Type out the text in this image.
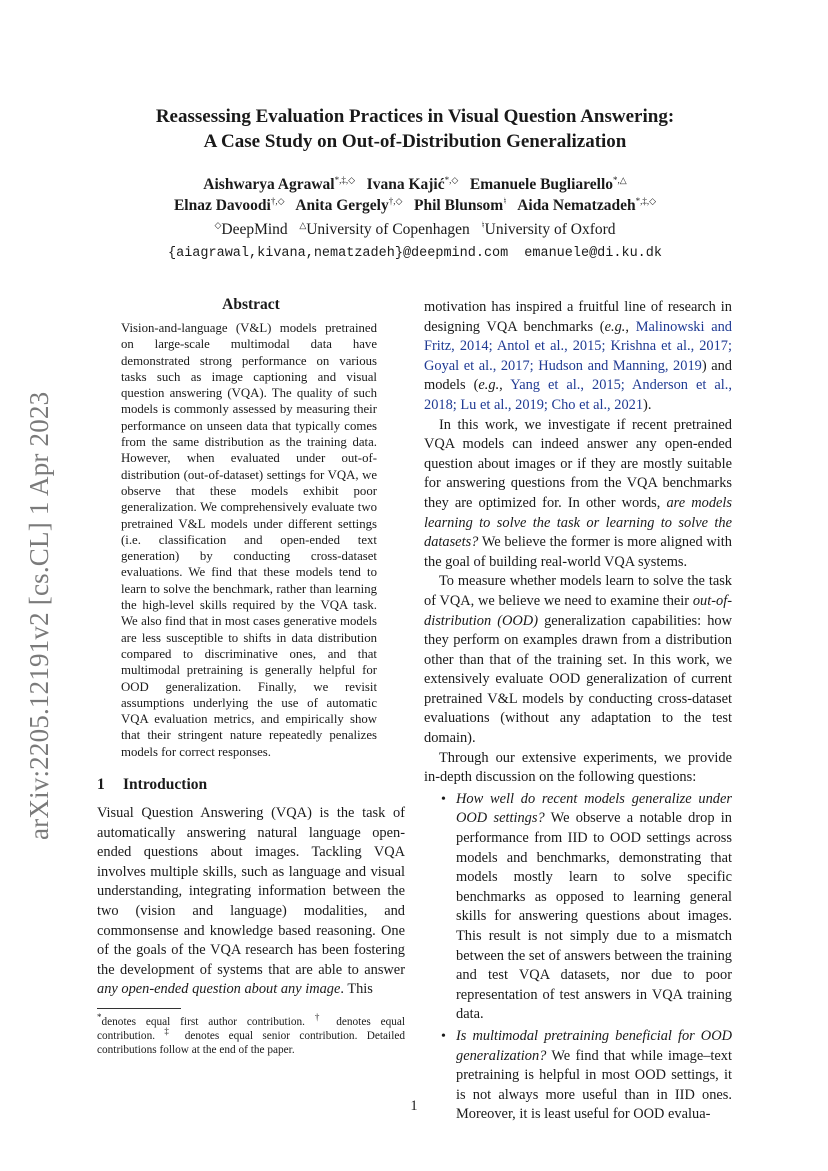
arXiv:2205.12191v2 [cs.CL] 1 Apr 2023
Reassessing Evaluation Practices in Visual Question Answering:
A Case Study on Out-of-Distribution Generalization
Aishwarya Agrawal*,‡,◇ Ivana Kajić*,◇ Emanuele Bugliarello*,△
Elnaz Davoodi†,◇ Anita Gergely†,◇ Phil Blunsom♮ Aida Nematzadeh*,‡,◇
◇DeepMind △University of Copenhagen ♮University of Oxford
{aiagrawal,kivana,nematzadeh}@deepmind.com emanuele@di.ku.dk
Abstract

Vision-and-language (V&L) models pretrained on large-scale multimodal data have demonstrated strong performance on various tasks such as image captioning and visual question answering (VQA). The quality of such models is commonly assessed by measuring their performance on unseen data that typically comes from the same distribution as the training data. However, when evaluated under out-of-distribution (out-of-dataset) settings for VQA, we observe that these models exhibit poor generalization. We comprehensively evaluate two pretrained V&L models under different settings (i.e. classification and open-ended text generation) by conducting cross-dataset evaluations. We find that these models tend to learn to solve the benchmark, rather than learning the high-level skills required by the VQA task. We also find that in most cases generative models are less susceptible to shifts in data distribution compared to discriminative ones, and that multimodal pretraining is generally helpful for OOD generalization. Finally, we revisit assumptions underlying the use of automatic VQA evaluation metrics, and empirically show that their stringent nature repeatedly penalizes models for correct responses.

1 Introduction

Visual Question Answering (VQA) is the task of automatically answering natural language open-ended questions about images. Tackling VQA involves multiple skills, such as language and visual understanding, integrating information between the two (vision and language) modalities, and commonsense and knowledge based reasoning. One of the goals of the VQA research has been fostering the development of systems that are able to answer any open-ended question about any image. This

*denotes equal first author contribution. † denotes equal contribution. ‡ denotes equal senior contribution. Detailed contributions follow at the end of the paper.

motivation has inspired a fruitful line of research in designing VQA benchmarks (e.g., Malinowski and Fritz, 2014; Antol et al., 2015; Krishna et al., 2017; Goyal et al., 2017; Hudson and Manning, 2019) and models (e.g., Yang et al., 2015; Anderson et al., 2018; Lu et al., 2019; Cho et al., 2021).

In this work, we investigate if recent pretrained VQA models can indeed answer any open-ended question about images or if they are mostly suitable for answering questions from the VQA benchmarks they are optimized for. In other words, are models learning to solve the task or learning to solve the datasets? We believe the former is more aligned with the goal of building real-world VQA systems.

To measure whether models learn to solve the task of VQA, we believe we need to examine their out-of-distribution (OOD) generalization capabilities: how they perform on examples drawn from a distribution other than that of the training set. In this work, we extensively evaluate OOD generalization of current pretrained V&L models by conducting cross-dataset evaluations (without any adaptation to the test domain).

Through our extensive experiments, we provide in-depth discussion on the following questions:

• How well do recent models generalize under OOD settings? We observe a notable drop in performance from IID to OOD settings across models and benchmarks, demonstrating that models mostly learn to solve specific benchmarks as opposed to learning general skills for answering questions about images. This result is not simply due to a mismatch between the set of answers between the training and test VQA datasets, nor due to poor representation of test answers in VQA training data.
• Is multimodal pretraining beneficial for OOD generalization? We find that while image–text pretraining is helpful in most OOD settings, it is not always more useful than in IID ones. Moreover, it is least useful for OOD evalua-
1
